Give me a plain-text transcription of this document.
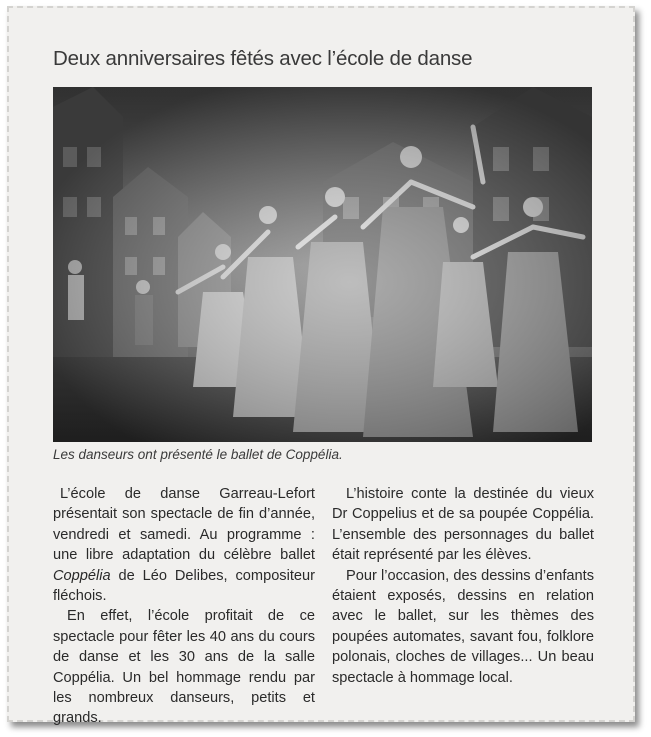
Deux anniversaires fêtés avec l’école de danse
Les danseurs ont présenté le ballet de Coppélia.

L’école de danse Garreau-Lefort présentait son spectacle de fin d’année, vendredi et samedi. Au programme : une libre adaptation du célèbre ballet Coppélia de Léo Delibes, compositeur fléchois.

En effet, l’école profitait de ce spectacle pour fêter les 40 ans du cours de danse et les 30 ans de la salle Coppélia. Un bel hommage rendu par les nombreux danseurs, petits et grands.

L’histoire conte la destinée du vieux Dr Coppelius et de sa poupée Coppélia. L’ensemble des personnages du ballet était représenté par les élèves.

Pour l’occasion, des dessins d’enfants étaient exposés, dessins en relation avec le ballet, sur les thèmes des poupées automates, savant fou, folklore polonais, cloches de villages... Un beau spectacle à hommage local.
